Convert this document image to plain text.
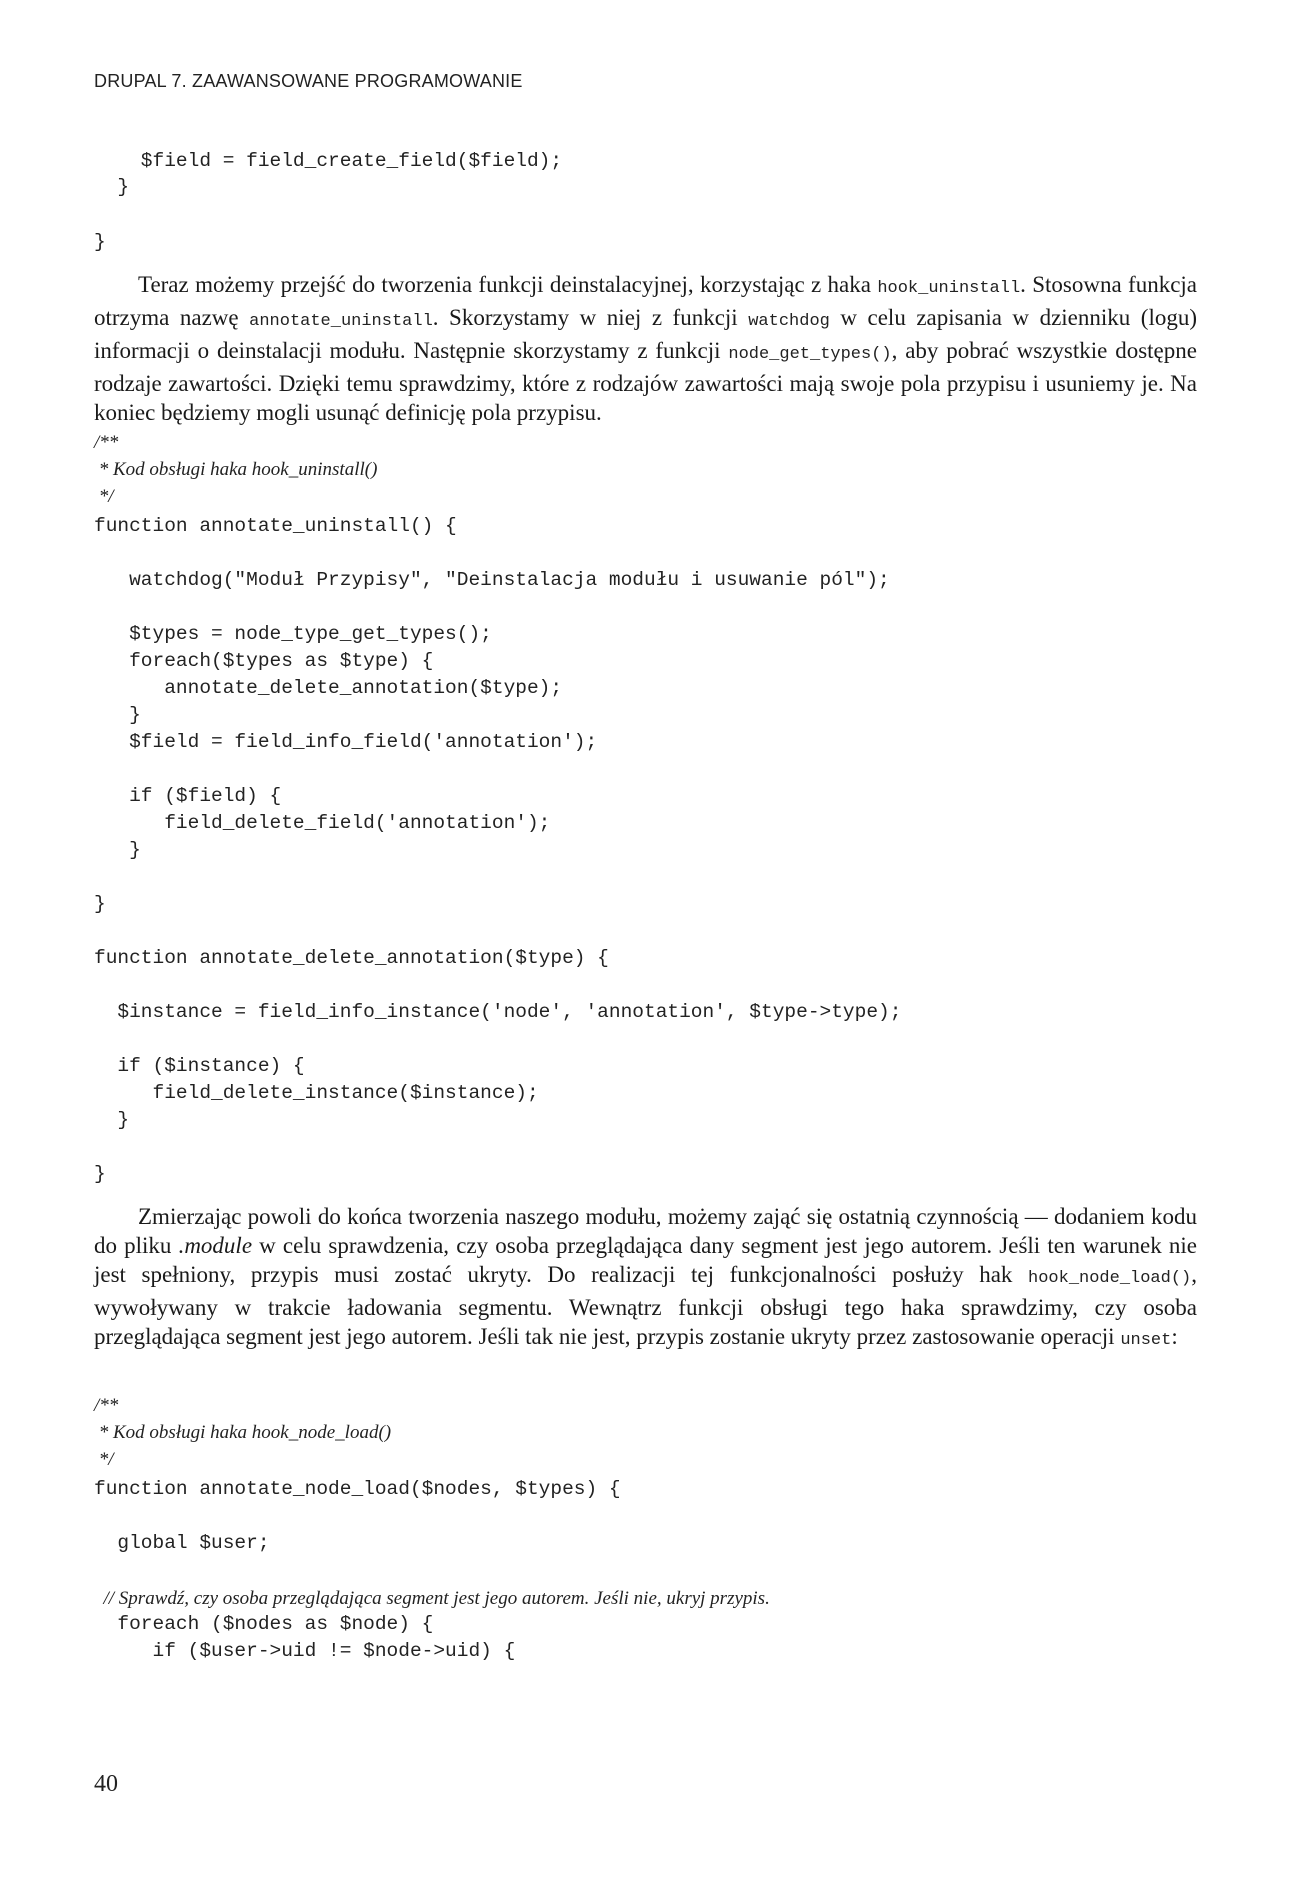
DRUPAL 7. ZAAWANSOWANE PROGRAMOWANIE
$field = field_create_field($field);
}
}

Teraz możemy przejść do tworzenia funkcji deinstalacyjnej, korzystając z haka hook_uninstall. Stosowna funkcja otrzyma nazwę annotate_uninstall. Skorzystamy w niej z funkcji watchdog w celu zapisania w dzienniku (logu) informacji o deinstalacji modułu. Następnie skorzystamy z funkcji node_get_types(), aby pobrać wszystkie dostępne rodzaje zawartości. Dzięki temu sprawdzimy, które z rodzajów zawartości mają swoje pola przypisu i usuniemy je. Na koniec będziemy mogli usunąć definicję pola przypisu.

/**
* Kod obsługi haka hook_uninstall()
*/
function annotate_uninstall() {
watchdog("Moduł Przypisy", "Deinstalacja modułu i usuwanie pól");
$types = node_type_get_types();
foreach($types as $type) {
annotate_delete_annotation($type);
}
$field = field_info_field('annotation');
if ($field) {
field_delete_field('annotation');
}
}
function annotate_delete_annotation($type) {
$instance = field_info_instance('node', 'annotation', $type->type);
if ($instance) {
field_delete_instance($instance);
}
}

Zmierzając powoli do końca tworzenia naszego modułu, możemy zająć się ostatnią czynnością — dodaniem kodu do pliku .module w celu sprawdzenia, czy osoba przeglądająca dany segment jest jego autorem. Jeśli ten warunek nie jest spełniony, przypis musi zostać ukryty. Do realizacji tej funkcjonalności posłuży hak hook_node_load(), wywoływany w trakcie ładowania segmentu. Wewnątrz funkcji obsługi tego haka sprawdzimy, czy osoba przeglądająca segment jest jego autorem. Jeśli tak nie jest, przypis zostanie ukryty przez zastosowanie operacji unset:

/**
* Kod obsługi haka hook_node_load()
*/
function annotate_node_load($nodes, $types) {
global $user;
// Sprawdź, czy osoba przeglądająca segment jest jego autorem. Jeśli nie, ukryj przypis.
foreach ($nodes as $node) {
if ($user->uid != $node->uid) {
40
